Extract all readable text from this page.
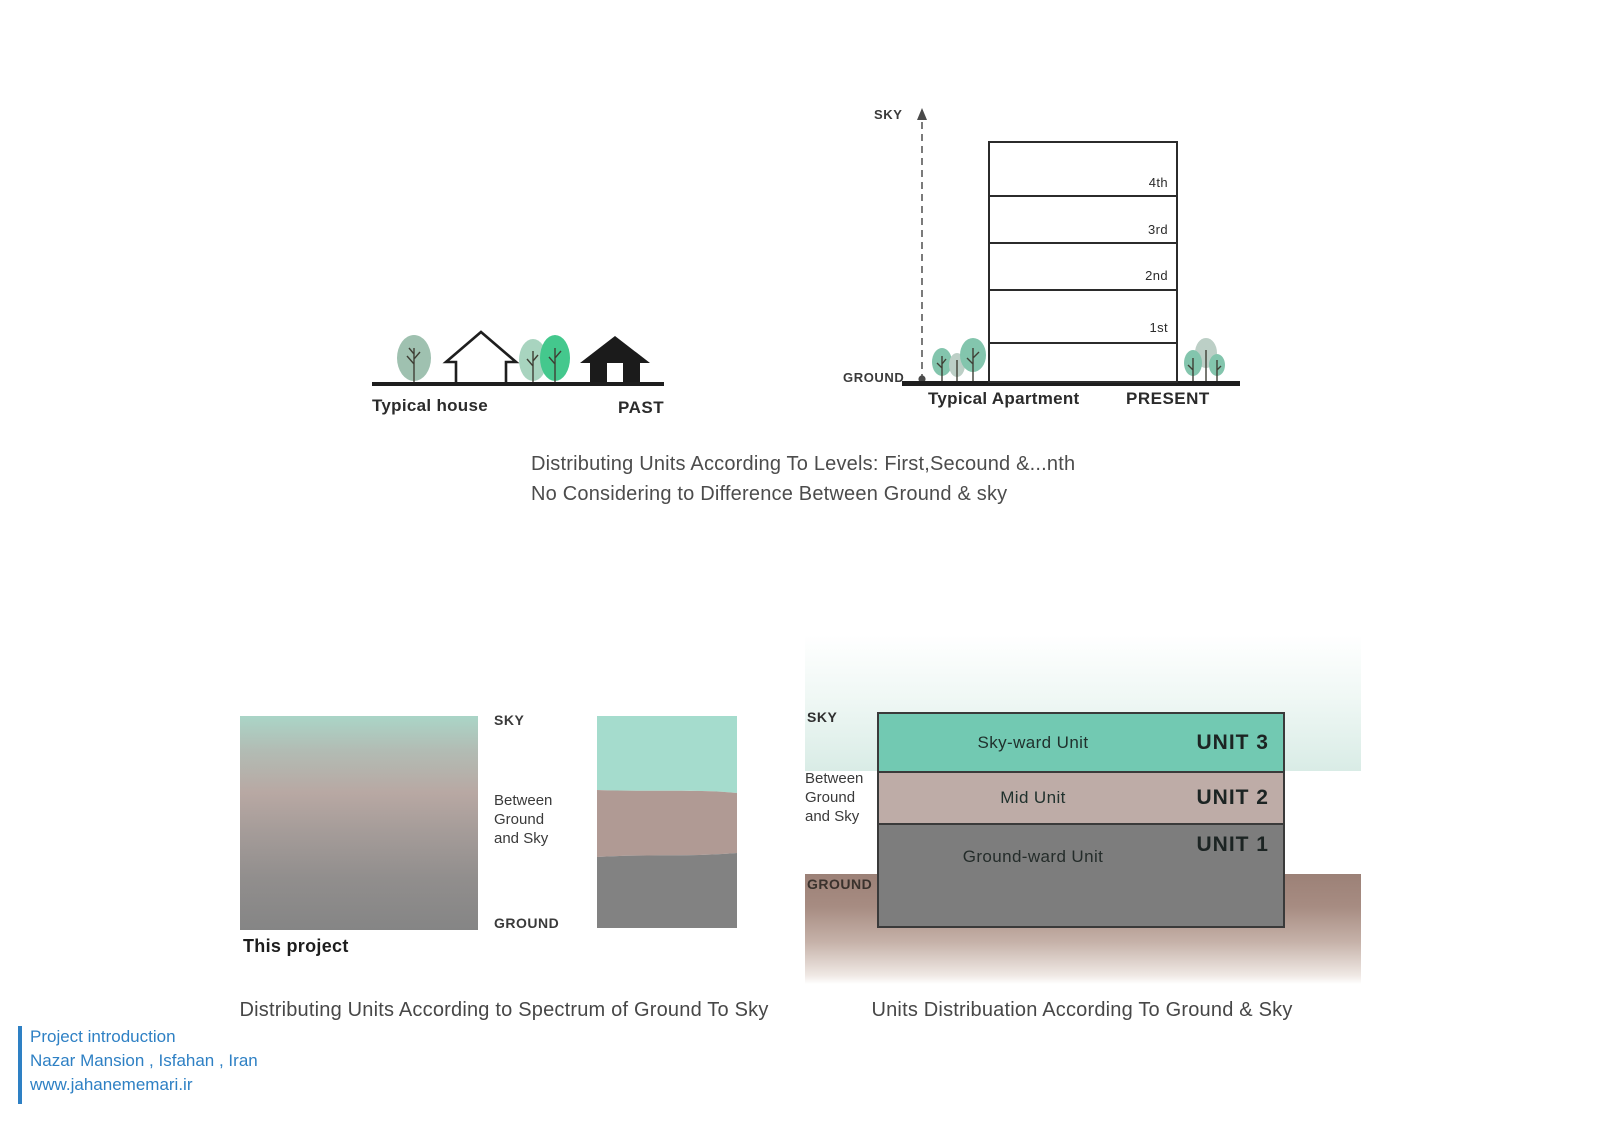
Typical house	PAST
SKY
GROUND
4th
3rd
2nd
1st
Typical Apartment	PRESENT
Distributing Units According To Levels: First,Secound &...nth
No Considering to Difference Between Ground & sky
SKY
Between
Ground
and Sky
GROUND
This project
Distributing Units According to Spectrum of Ground To Sky
SKY
Between
Ground
and Sky
GROUND
Sky-ward Unit	UNIT 3
Mid Unit	UNIT 2
Ground-ward Unit
UNIT 1
Units Distribuation According To Ground & Sky
Project introduction
Nazar Mansion , Isfahan , Iran
www.jahanememari.ir
